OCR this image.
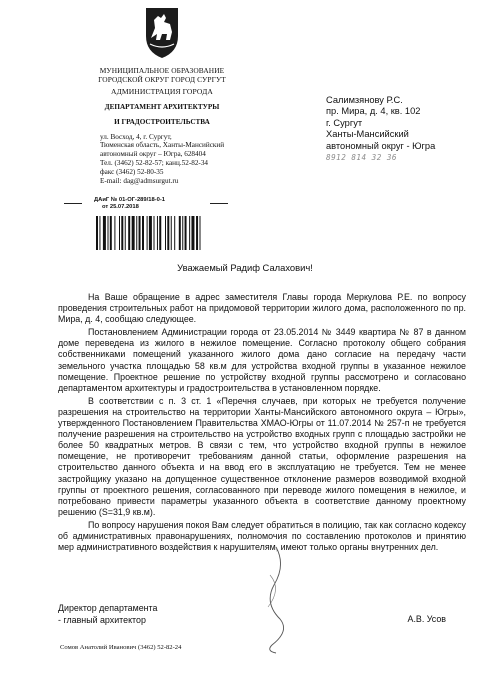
МУНИЦИПАЛЬНОЕ ОБРАЗОВАНИЕ
ГОРОДСКОЙ ОКРУГ ГОРОД СУРГУТ
АДМИНИСТРАЦИЯ ГОРОДА
ДЕПАРТАМЕНТ АРХИТЕКТУРЫ
И ГРАДОСТРОИТЕЛЬСТВА
ул. Восход, 4, г. Сургут,
Тюменская область, Ханты-Мансийский
автономный округ – Югра, 628404
Тел. (3462) 52-82-57; канц.52-82-34
факс (3462) 52-80-35
E-mail: dag@admsurgut.ru
ДАиГ № 01-ОГ-289/18-0-1
от 25.07.2018
Салимзянову Р.С.
пр. Мира, д. 4, кв. 102
г. Сургут
Ханты-Мансийский
автономный округ - Югра
8912 814 32 36
Уважаемый Радиф Салахович!

На Ваше обращение в адрес заместителя Главы города Меркулова Р.Е. по вопросу проведения строительных работ на придомовой территории жилого дома, расположенного по пр. Мира, д. 4, сообщаю следующее.

Постановлением Администрации города от 23.05.2014 № 3449 квартира № 87 в данном доме переведена из жилого в нежилое помещение. Согласно протоколу общего собрания собственниками помещений указанного жилого дома дано согласие на передачу части земельного участка площадью 58 кв.м для устройства входной группы в указанное нежилое помещение. Проектное решение по устройству входной группы рассмотрено и согласовано департаментом архитектуры и градостроительства в установленном порядке.

В соответствии с п. 3 ст. 1 «Перечня случаев, при которых не требуется получение разрешения на строительство на территории Ханты-Мансийского автономного округа – Югры», утвержденного Постановлением Правительства ХМАО-Югры от 11.07.2014 № 257-п не требуется получение разрешения на строительство на устройство входных групп с площадью застройки не более 50 квадратных метров. В связи с тем, что устройство входной группы в нежилое помещение, не противоречит требованиям данной статьи, оформление разрешения на строительство данного объекта и на ввод его в эксплуатацию не требуется. Тем не менее застройщику указано на допущенное существенное отклонение размеров возводимой входной группы от проектного решения, согласованного при переводе жилого помещения в нежилое, и потребовано привести параметры указанного объекта в соответствие данному проектному решению (S=31,9 кв.м).

По вопросу нарушения покоя Вам следует обратиться в полицию, так как согласно кодексу об административных правонарушениях, полномочия по составлению протоколов и принятию мер административного воздействия к нарушителям, имеют только органы внутренних дел.

Директор департамента
- главный архитектор	А.В. Усов
Сомов Анатолий Иванович (3462) 52-82-24
